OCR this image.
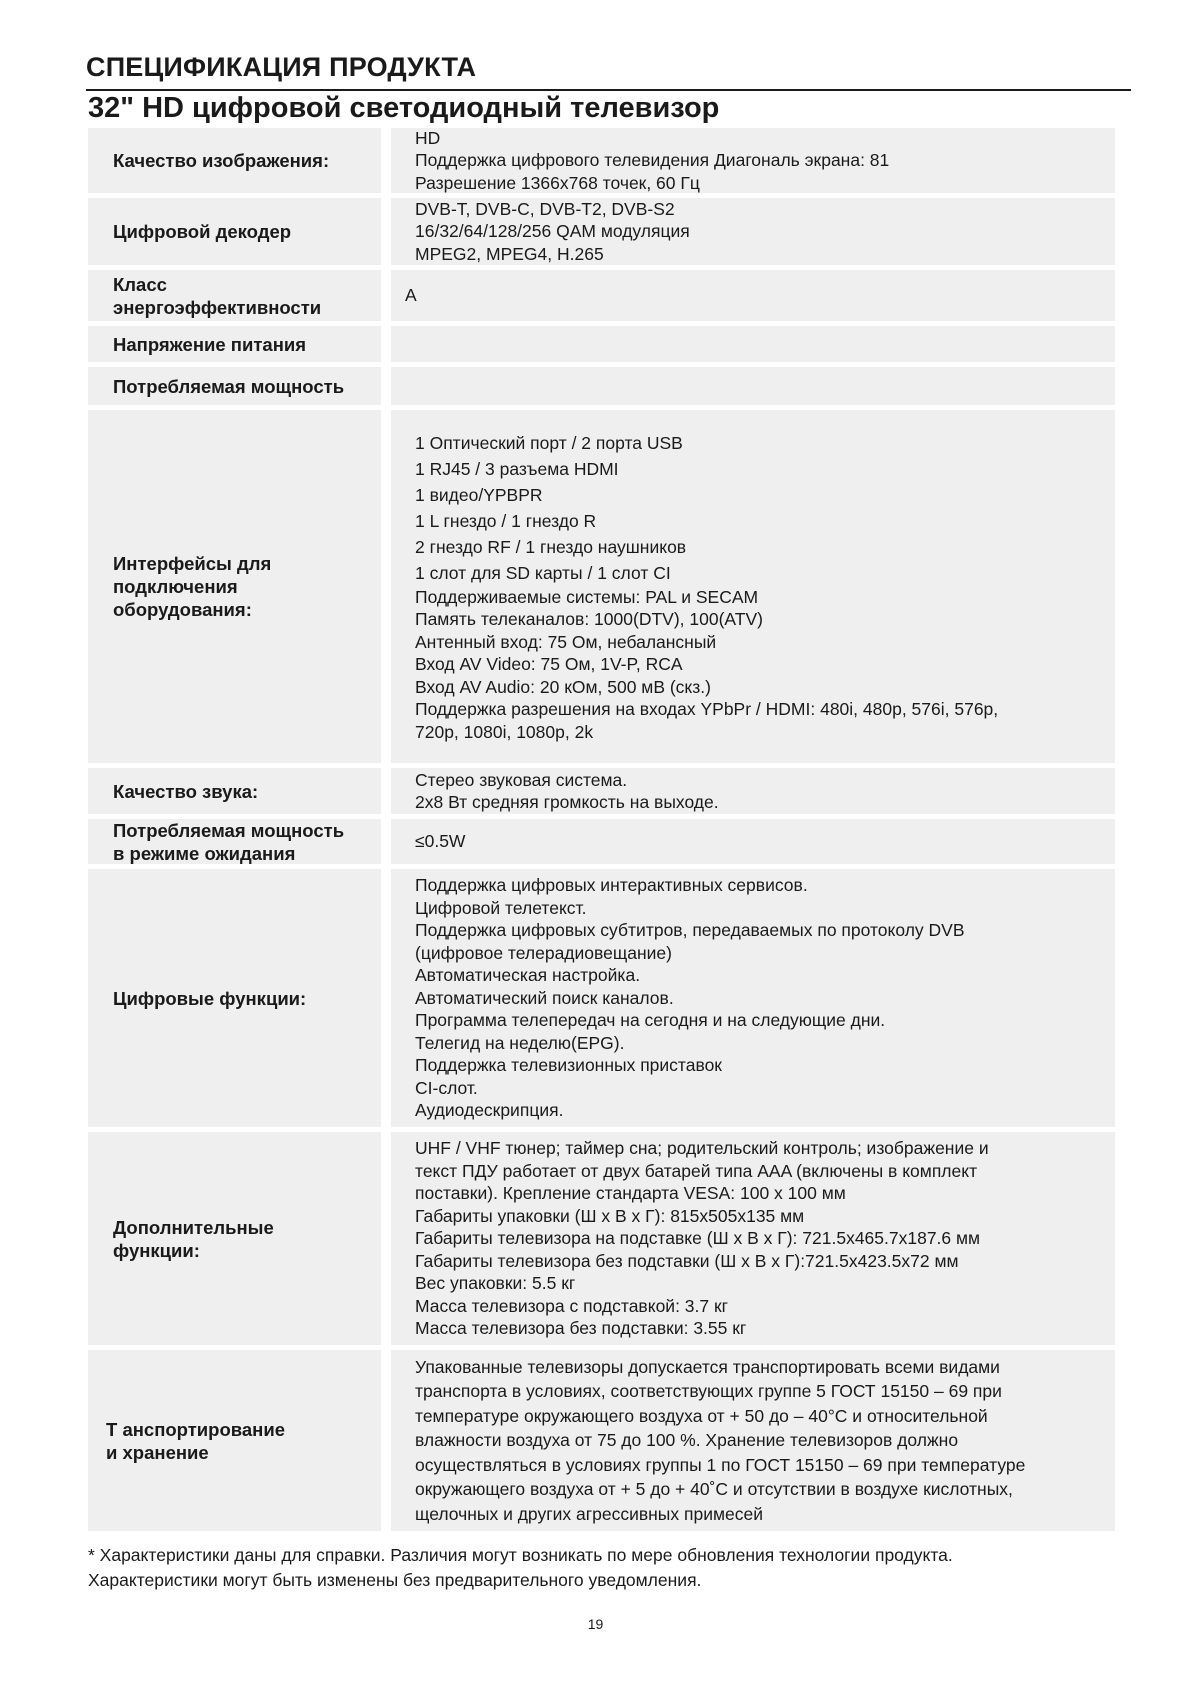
СПЕЦИФИКАЦИЯ ПРОДУКТА
32" HD цифровой светодиодный телевизор
Качество изображения:
HD
Поддержка цифрового телевидения Диагональ экрана: 81
Разрешение 1366x768 точек, 60 Гц
Цифровой декодер
DVB-T, DVB-C, DVB-T2, DVB-S2
16/32/64/128/256 QAM модуляция
MPEG2, MPEG4, H.265
Класс
энергоэффективности
A
Напряжение питания
Потребляемая мощность
Интерфейсы для
подключения
оборудования:
1 Оптический порт / 2 порта USB
1 RJ45 / 3 разъема HDMI
1 видео/YPBPR
1 L гнездо / 1 гнездо R
2 гнездо RF / 1 гнездо наушников
1 слот для SD карты / 1 слот CI
Поддерживаемые системы: PAL и SECAM
Память телеканалов: 1000(DTV), 100(ATV)
Антенный вход: 75 Ом, небалансный
Вход AV Video: 75 Ом, 1V-P, RCA
Вход AV Audio: 20 кОм, 500 мВ (скз.)
Поддержка разрешения на входах YPbPr / HDMI: 480i, 480p, 576i, 576p,
720p, 1080i, 1080p, 2k
Качество звука:
Стерео звуковая система.
2x8 Вт средняя громкость на выходе.
Потребляемая мощность
в режиме ожидания
≤0.5W
Цифровые функции:
Поддержка цифровых интерактивных сервисов.
Цифровой телетекст.
Поддержка цифровых субтитров, передаваемых по протоколу DVB
(цифровое телерадиовещание)
Автоматическая настройка.
Автоматический поиск каналов.
Программа телепередач на сегодня и на следующие дни.
Телегид на неделю(EPG).
Поддержка телевизионных приставок
CI-слот.
Аудиодескрипция.
Дополнительные
функции:
UHF / VHF тюнер; таймер сна; родительский контроль; изображение и
текст ПДУ работает от двух батарей типа AAA (включены в комплект
поставки). Крепление стандарта VESA: 100 x 100 мм
Габариты упаковки (Ш x В x Г): 815x505x135 мм
Габариты телевизора на подставке (Ш x В x Г): 721.5x465.7x187.6 мм
Габариты телевизора без подставки (Ш x В x Г):721.5x423.5x72 мм
Вес упаковки: 5.5 кг
Масса телевизора с подставкой: 3.7 кг
Масса телевизора без подставки: 3.55 кг
Т анспортирование
и хранение
Упакованные телевизоры допускается транспортировать всеми видами
транспорта в условиях, соответствующих группе 5 ГОСТ 15150 – 69 при
температуре окружающего воздуха от + 50 до – 40°С и относительной
влажности воздуха от 75 до 100 %. Хранение телевизоров должно
осуществляться в условиях группы 1 по ГОСТ 15150 – 69 при температуре
окружающего воздуха от + 5 до + 40˚С и отсутствии в воздухе кислотных,
щелочных и других агрессивных примесей
* Характеристики даны для справки. Различия могут возникать по мере обновления технологии продукта.
Характеристики могут быть изменены без предварительного уведомления.
19
